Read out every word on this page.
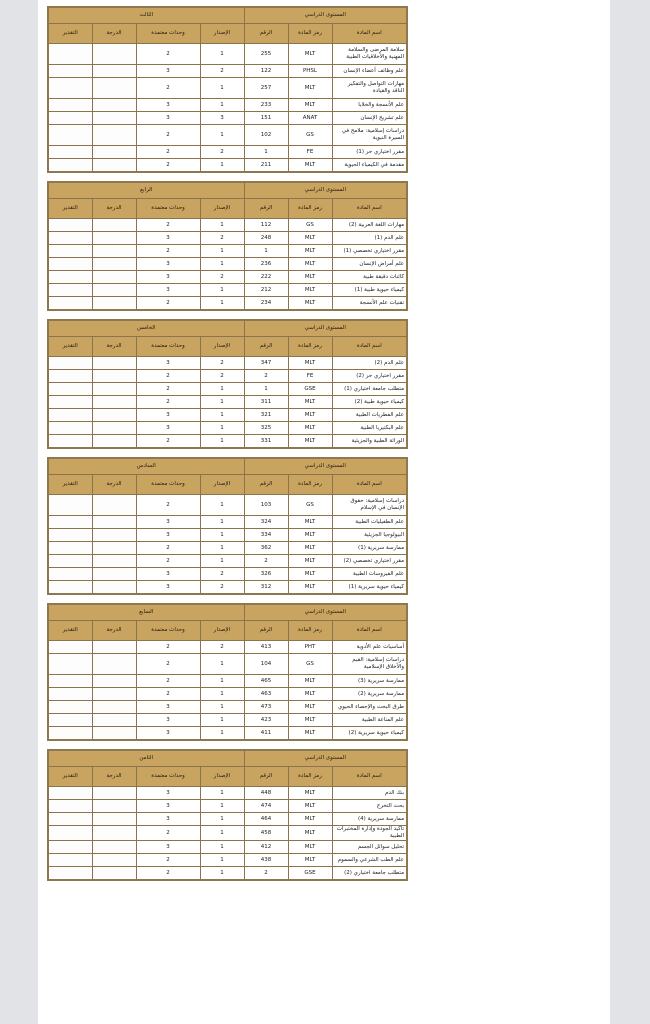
الثالث				المستوى الدراسي		
التقدير	الدرجة	وحدات معتمدة	الإصدار	الرقم	رمز المادة	اسم المادة
		2	1	255	MLT	سلامة المرضى والسلامة المهنية والأخلاقيات الطبية
		3	2	122	PHSL	علم وظائف أعضاء الإنسان
		2	1	257	MLT	مهارات التواصل والتفكير الناقد والقيادة
		3	1	233	MLT	علم الأنسجة والخلايا
		3	3	151	ANAT	علم تشريح الإنسان
		2	1	102	GS	دراسات إسلامية: ملامح في السيرة النبوية
		2	2	1	FE	مقرر اختياري حر (1)
		2	1	211	MLT	مقدمة في الكيمياء الحيوية
الرابع				المستوى الدراسي		
التقدير	الدرجة	وحدات معتمدة	الإصدار	الرقم	رمز المادة	اسم المادة
		2	1	112	GS	مهارات اللغة العربية (2)
		3	2	248	MLT	علم الدم (1)
		2	1	1	MLT	مقرر اختياري تخصصي (1)
		3	1	236	MLT	علم أمراض الإنسان
		3	2	222	MLT	كائنات دقيقة طبية
		3	1	212	MLT	كيمياء حيوية طبية (1)
		2	1	234	MLT	تقنيات علم الأنسجة
الخامس				المستوى الدراسي		
التقدير	الدرجة	وحدات معتمدة	الإصدار	الرقم	رمز المادة	اسم المادة
		3	2	347	MLT	علم الدم (2)
		2	2	2	FE	مقرر اختياري حر (2)
		2	1	1	GSE	متطلب جامعة اختياري (1)
		2	1	311	MLT	كيمياء حيوية طبية (2)
		3	1	321	MLT	علم الفطريات الطبية
		3	1	325	MLT	علم البكتيريا الطبية
		2	1	331	MLT	الوراثة الطبية والجزيئية
السادس				المستوى الدراسي		
التقدير	الدرجة	وحدات معتمدة	الإصدار	الرقم	رمز المادة	اسم المادة
		2	1	103	GS	دراسات إسلامية: حقوق الإنسان في الإسلام
		3	1	324	MLT	علم الطفيليات الطبية
		3	1	334	MLT	البيولوجيا الجزيئية
		2	1	362	MLT	ممارسة سريرية (1)
		2	1	2	MLT	مقرر اختياري تخصصي (2)
		3	2	326	MLT	علم الفيروسات الطبية
		3	2	312	MLT	كيمياء حيوية سريرية (1)
السابع				المستوى الدراسي		
التقدير	الدرجة	وحدات معتمدة	الإصدار	الرقم	رمز المادة	اسم المادة
		2	2	413	PHT	أساسيات علم الأدوية
		2	1	104	GS	دراسات إسلامية: القيم والأخلاق الإسلامية
		2	1	465	MLT	ممارسة سريرية (3)
		2	1	463	MLT	ممارسة سريرية (2)
		3	1	473	MLT	طرق البحث والإحصاء الحيوي
		3	1	423	MLT	علم المناعة الطبية
		3	1	411	MLT	كيمياء حيوية سريرية (2)
الثامن				المستوى الدراسي		
التقدير	الدرجة	وحدات معتمدة	الإصدار	الرقم	رمز المادة	اسم المادة
		3	1	448	MLT	بنك الدم
		3	1	474	MLT	بحث التخرج
		3	1	464	MLT	ممارسة سريرية (4)
		2	1	458	MLT	تأكيد الجودة وإدارة المختبرات الطبية
		3	1	412	MLT	تحليل سوائل الجسم
		2	1	438	MLT	علم الطب الشرعي والسموم
		2	1	2	GSE	متطلب جامعة اختياري (2)
